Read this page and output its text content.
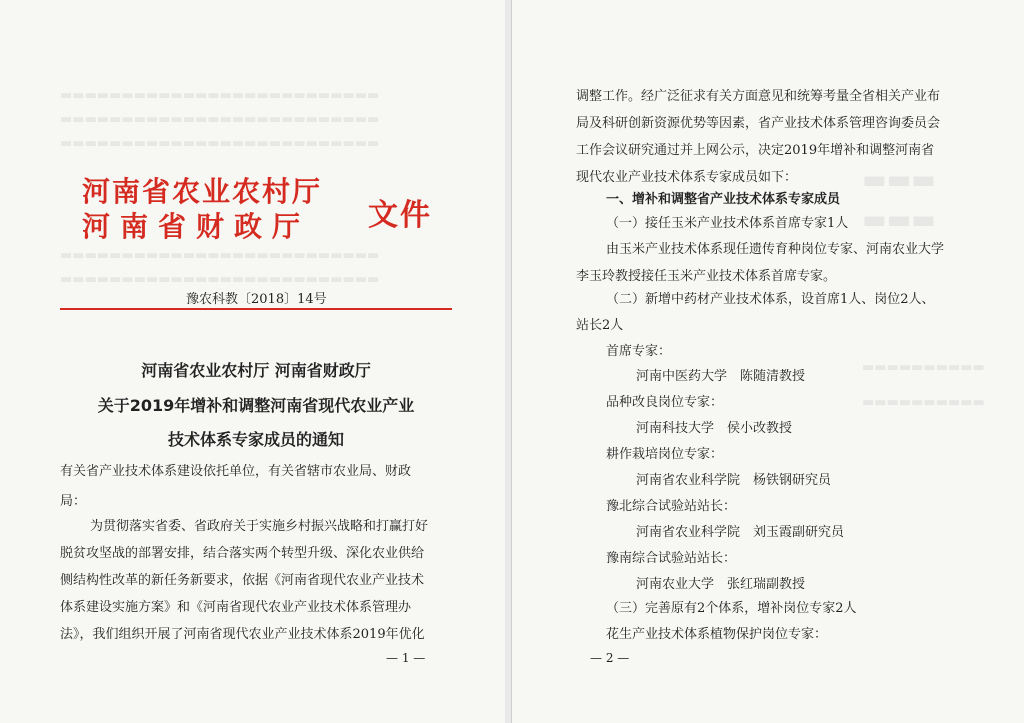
▬▬▬▬▬▬▬▬▬▬▬▬▬▬▬▬▬▬▬▬▬▬▬▬▬▬
▬▬▬▬▬▬▬▬▬▬▬▬▬▬▬▬▬▬▬▬▬▬▬▬▬▬
▬▬▬▬▬▬▬▬▬▬▬▬▬▬▬▬▬▬▬▬▬▬▬▬▬▬
▬▬▬▬▬▬▬▬▬▬▬▬▬▬▬▬▬▬▬▬▬▬▬▬▬▬
▬▬▬▬▬▬▬▬▬▬▬▬▬▬▬▬▬▬▬▬▬▬▬▬▬▬
河南省农业农村厅
河南省财政厅 文件
豫农科教〔2018〕14号
河南省农业农村厅 河南省财政厅
关于2019年增补和调整河南省现代农业产业
技术体系专家成员的通知
有关省产业技术体系建设依托单位，有关省辖市农业局、财政
局：
为贯彻落实省委、省政府关于实施乡村振兴战略和打赢打好
脱贫攻坚战的部署安排，结合落实两个转型升级、深化农业供给
侧结构性改革的新任务新要求，依据《河南省现代农业产业技术
体系建设实施方案》和《河南省现代农业产业技术体系管理办
法》，我们组织开展了河南省现代农业产业技术体系2019年优化
— 1 —
▬▬▬
▬▬▬
▬▬▬▬▬▬▬▬▬▬
▬▬▬▬▬▬▬▬▬▬
调整工作。经广泛征求有关方面意见和统筹考量全省相关产业布
局及科研创新资源优势等因素，省产业技术体系管理咨询委员会
工作会议研究通过并上网公示，决定2019年增补和调整河南省
现代农业产业技术体系专家成员如下：
一、增补和调整省产业技术体系专家成员
（一）接任玉米产业技术体系首席专家1人
由玉米产业技术体系现任遗传育种岗位专家、河南农业大学
李玉玲教授接任玉米产业技术体系首席专家。
（二）新增中药材产业技术体系，设首席1人、岗位2人、
站长2人
首席专家：
河南中医药大学　陈随清教授
品种改良岗位专家：
河南科技大学　侯小改教授
耕作栽培岗位专家：
河南省农业科学院　杨铁钢研究员
豫北综合试验站站长：
河南省农业科学院　刘玉霞副研究员
豫南综合试验站站长：
河南农业大学　张红瑞副教授
（三）完善原有2个体系，增补岗位专家2人
花生产业技术体系植物保护岗位专家：
— 2 —
